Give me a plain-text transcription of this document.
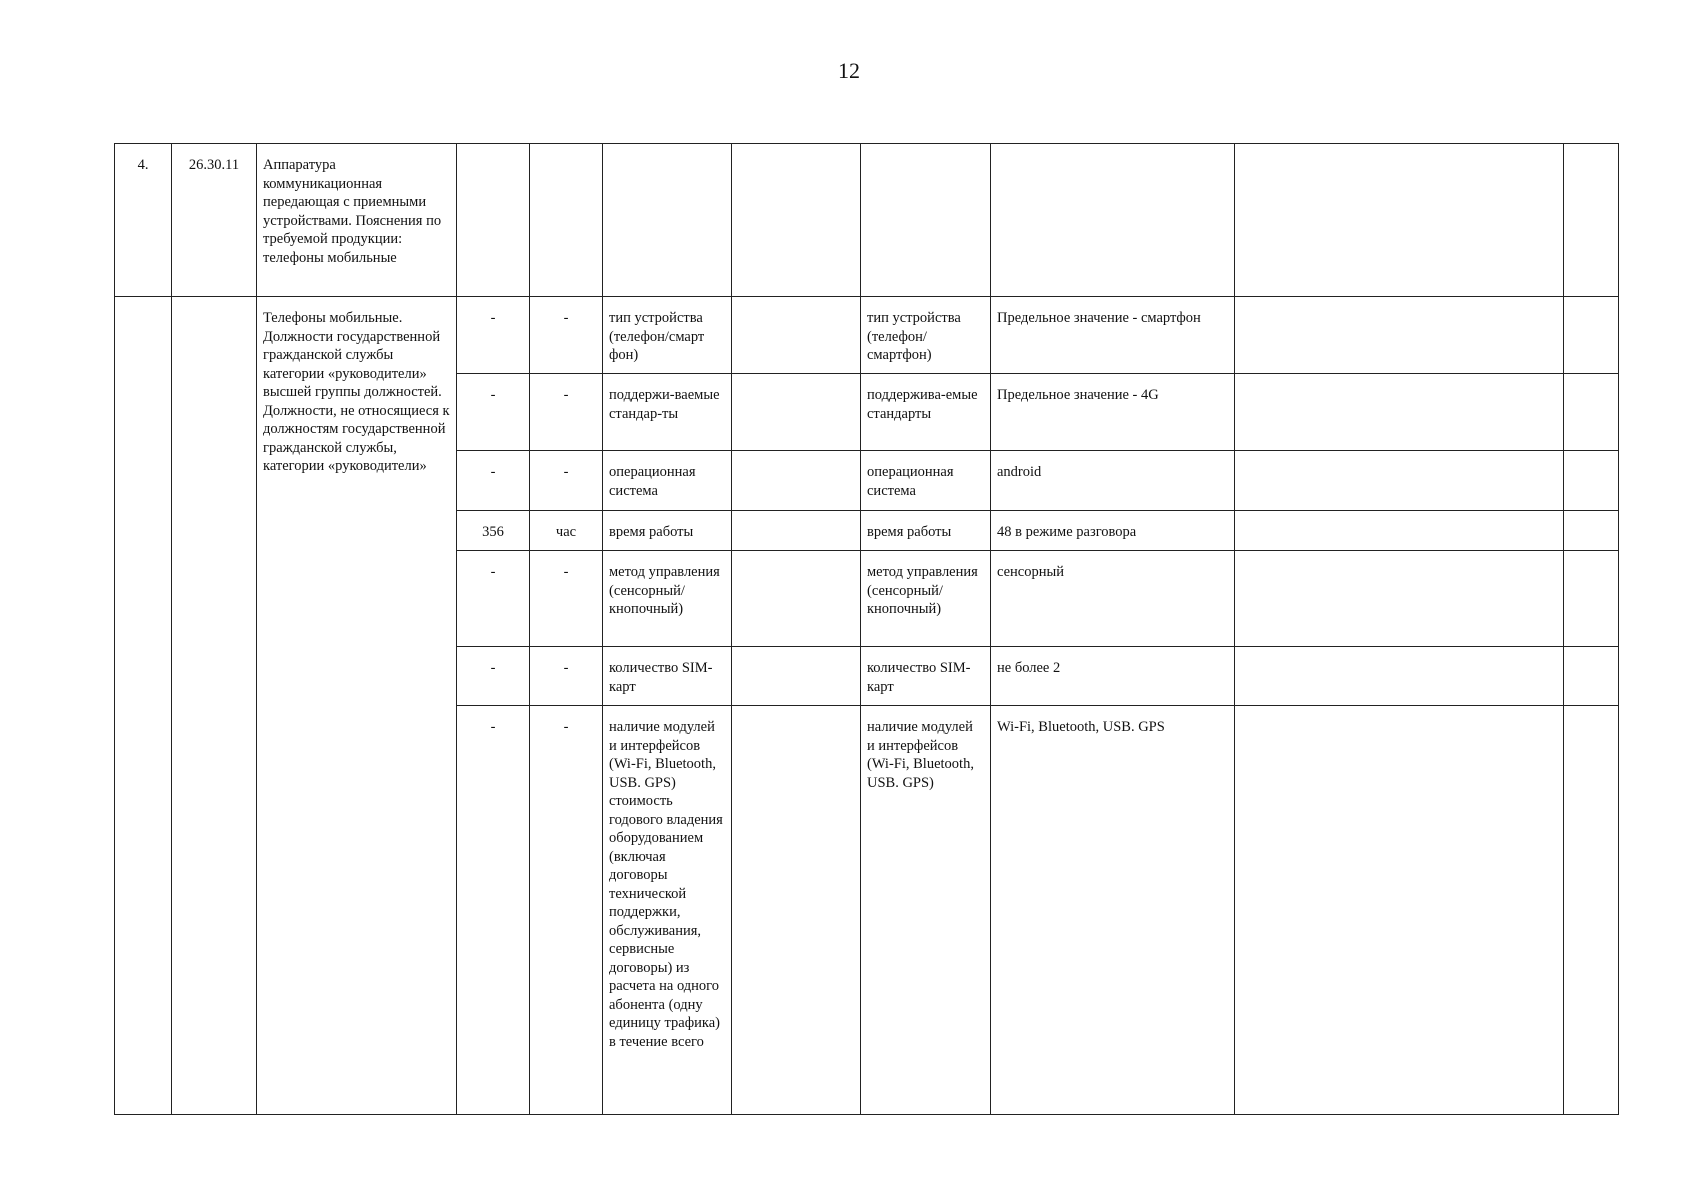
12
4.	26.30.11	Аппаратура коммуникационная передающая с приемными устройствами. Пояснения по требуемой продукции: телефоны мобильные								
		Телефоны мобильные. Должности государственной гражданской службы категории «руководители» высшей группы должностей. Должности, не относящиеся к должностям государственной гражданской службы, категории «руководители»	-	-	тип устройства (телефон/смарт фон)		тип устройства (телефон/ смартфон)	Предельное значение - смартфон		
			-	-	поддержи-ваемые стандар-ты		поддержива-емые стандарты	Предельное значение - 4G		
			-	-	операционная система		операционная система	android		
			356	час	время работы		время работы	48 в режиме разговора		
			-	-	метод управления (сенсорный/ кнопочный)		метод управления (сенсорный/ кнопочный)	сенсорный		
			-	-	количество SIM-карт		количество SIM-карт	не более 2		
			-	-	наличие модулей и интерфейсов (Wi-Fi, Bluetooth, USB. GPS) стоимость годового владения оборудованием (включая договоры технической поддержки, обслуживания, сервисные договоры) из расчета на одного абонента (одну единицу трафика) в течение всего		наличие модулей и интерфейсов (Wi-Fi, Bluetooth, USB. GPS)	Wi-Fi, Bluetooth, USB. GPS		
